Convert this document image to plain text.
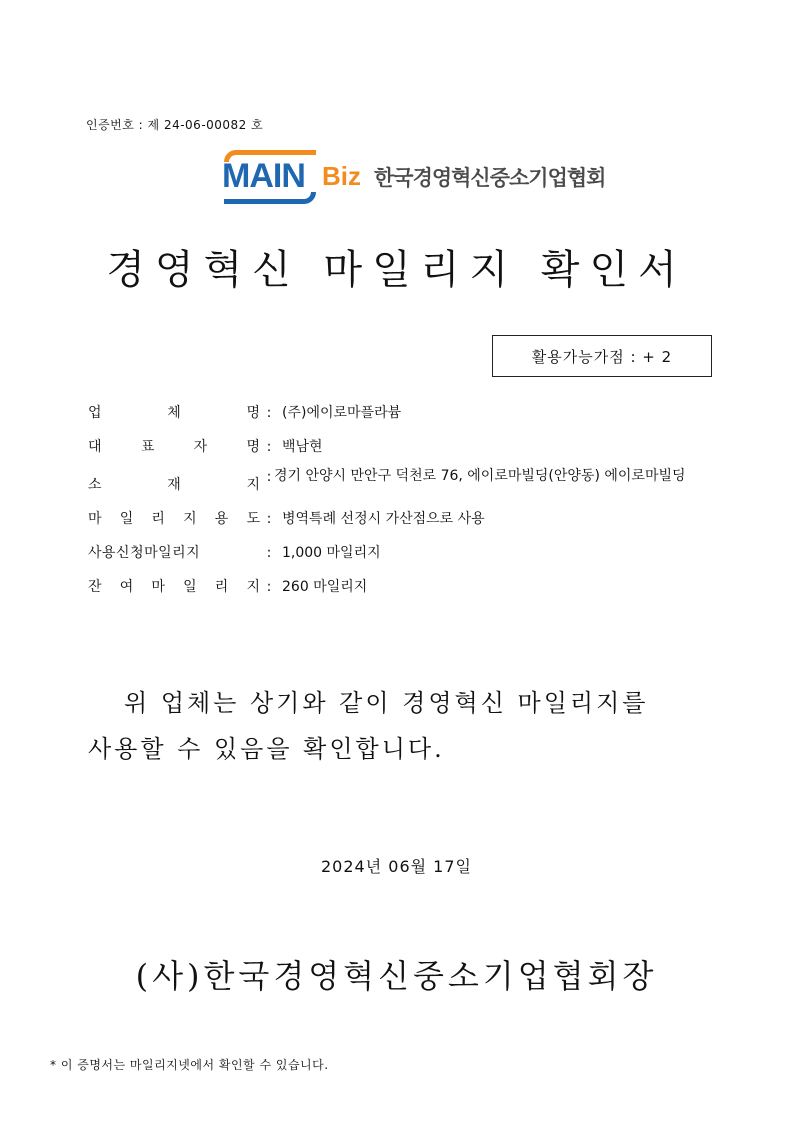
인증번호 : 제 24-06-00082 호
MAIN Biz 한국경영혁신중소기업협회
경영혁신 마일리지 확인서
활용가능가점 : + 2
업	체	명 : (주)에이로마플라븀
대	표	자	명 : 백남현
소	재	지 : 경기 안양시 만안구 덕천로 76, 에이로마빌딩(안양동) 에이로마빌딩
마 일 리 지 용 도 : 병역특례 선정시 가산점으로 사용
사용신청마일리지	: 1,000 마일리지
잔 여 마 일 리 지 : 260 마일리지
위 업체는 상기와 같이 경영혁신 마일리지를
사용할 수 있음을 확인합니다.
2024년 06월 17일
(사)한국경영혁신중소기업협회장
* 이 증명서는 마일리지넷에서 확인할 수 있습니다.
